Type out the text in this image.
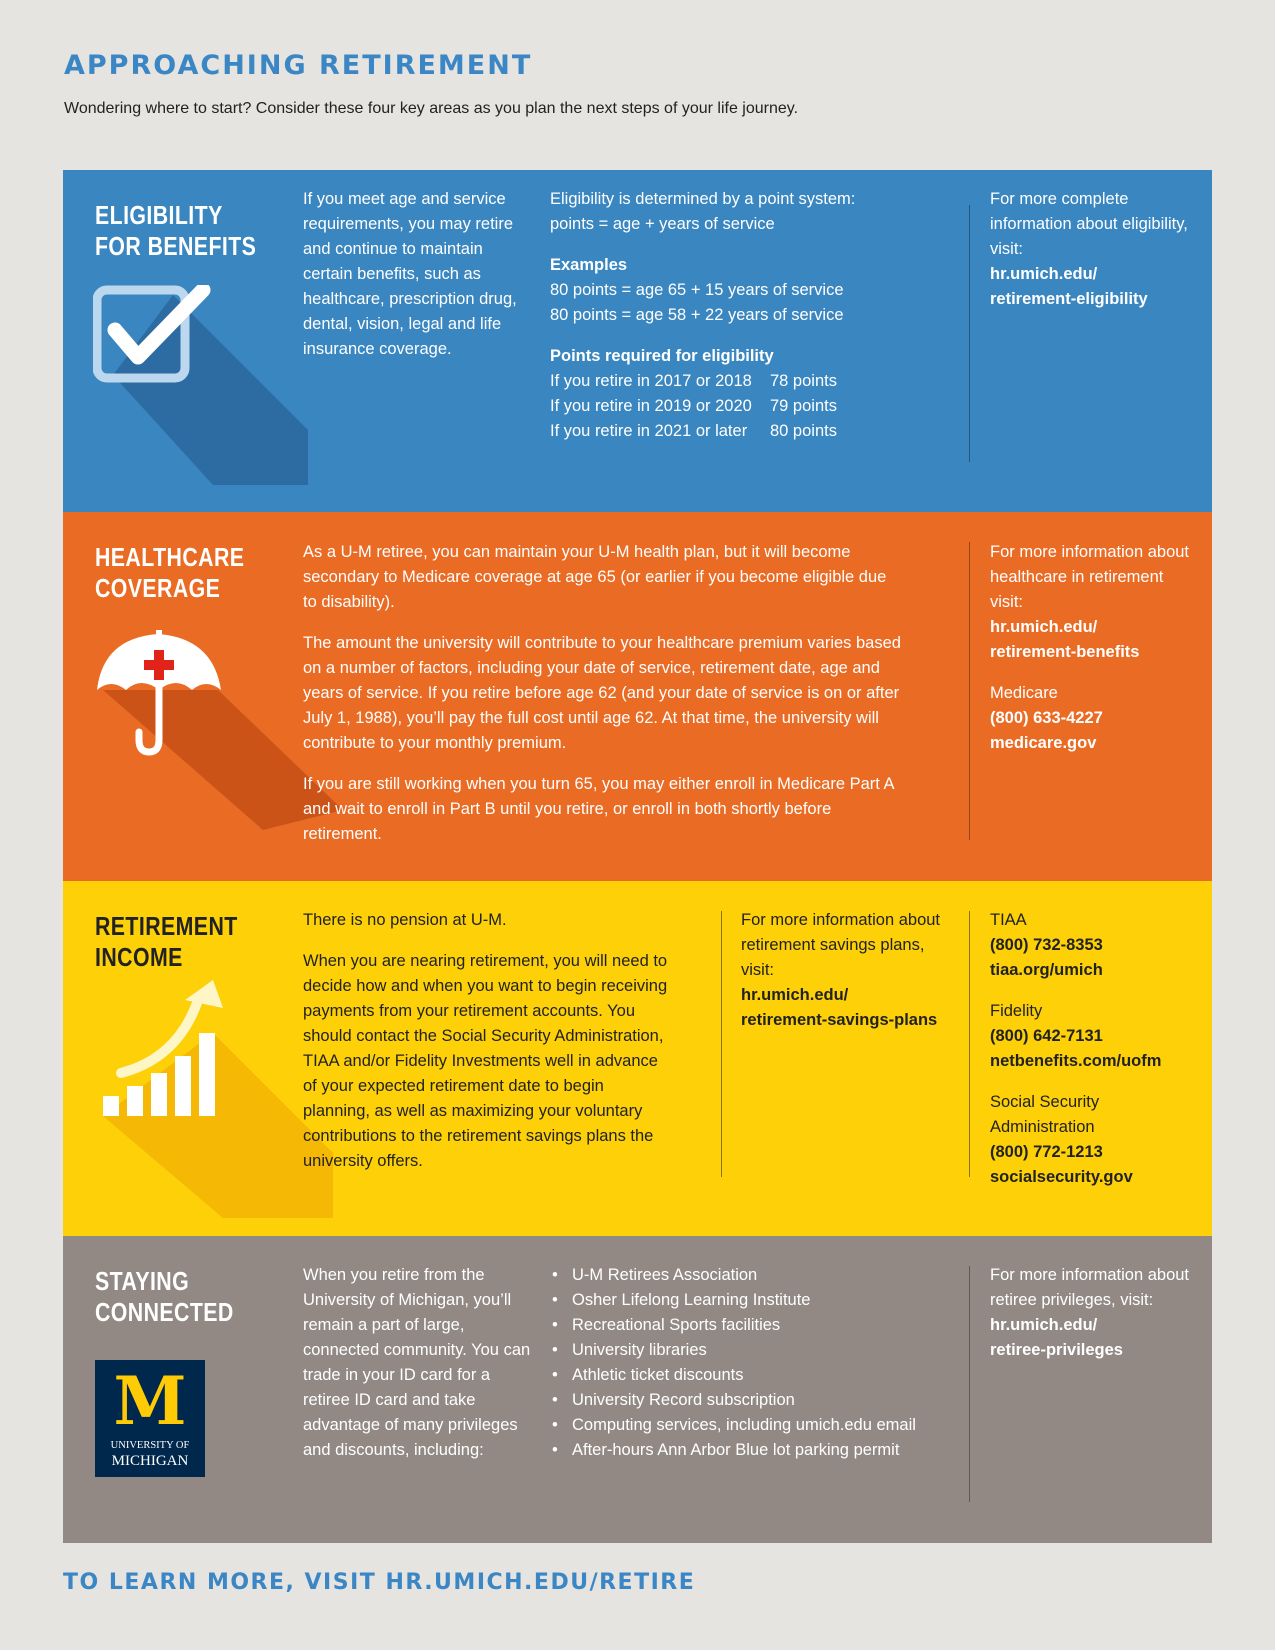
APPROACHING RETIREMENT

Wondering where to start? Consider these four key areas as you plan the next steps of your life journey.

ELIGIBILITY
FOR BENEFITS

If you meet age and service requirements, you may retire and continue to maintain certain benefits, such as healthcare, prescription drug, dental, vision, legal and life insurance coverage.

Eligibility is determined by a point system:

points = age + years of service

Examples

80 points = age 65 + 15 years of service

80 points = age 58 + 22 years of service

Points required for eligibility

If you retire in 2017 or 2018	78 points
If you retire in 2019 or 2020	79 points
If you retire in 2021 or later	80 points

For more complete information about eligibility, visit:

hr.umich.edu/
retirement-eligibility

HEALTHCARE
COVERAGE

As a U-M retiree, you can maintain your U-M health plan, but it will become secondary to Medicare coverage at age 65 (or earlier if you become eligible due to disability).

The amount the university will contribute to your healthcare premium varies based on a number of factors, including your date of service, retirement date, age and years of service. If you retire before age 62 (and your date of service is on or after July 1, 1988), you’ll pay the full cost until age 62. At that time, the university will contribute to your monthly premium.

If you are still working when you turn 65, you may either enroll in Medicare Part A and wait to enroll in Part B until you retire, or enroll in both shortly before retirement.

For more information about healthcare in retirement visit:

hr.umich.edu/
retirement-benefits

Medicare

(800) 633-4227

medicare.gov

RETIREMENT
INCOME

There is no pension at U-M.

When you are nearing retirement, you will need to decide how and when you want to begin receiving payments from your retirement accounts. You should contact the Social Security Administration, TIAA and/or Fidelity Investments well in advance of your expected retirement date to begin planning, as well as maximizing your voluntary contributions to the retirement savings plans the university offers.

For more information about retirement savings plans, visit:

hr.umich.edu/
retirement-savings-plans

TIAA

(800) 732-8353

tiaa.org/umich

Fidelity

(800) 642-7131

netbenefits.com/uofm

Social Security
Administration

(800) 772-1213

socialsecurity.gov

STAYING
CONNECTED
M
UNIVERSITY OF
MICHIGAN

When you retire from the University of Michigan, you’ll remain a part of large, connected community. You can trade in your ID card for a retiree ID card and take advantage of many privileges and discounts, including:

• U-M Retirees Association
• Osher Lifelong Learning Institute
• Recreational Sports facilities
• University libraries
• Athletic ticket discounts
• University Record subscription
• Computing services, including umich.edu email
• After-hours Ann Arbor Blue lot parking permit

For more information about retiree privileges, visit:

hr.umich.edu/
retiree-privileges

TO LEARN MORE, VISIT HR.UMICH.EDU/RETIRE
